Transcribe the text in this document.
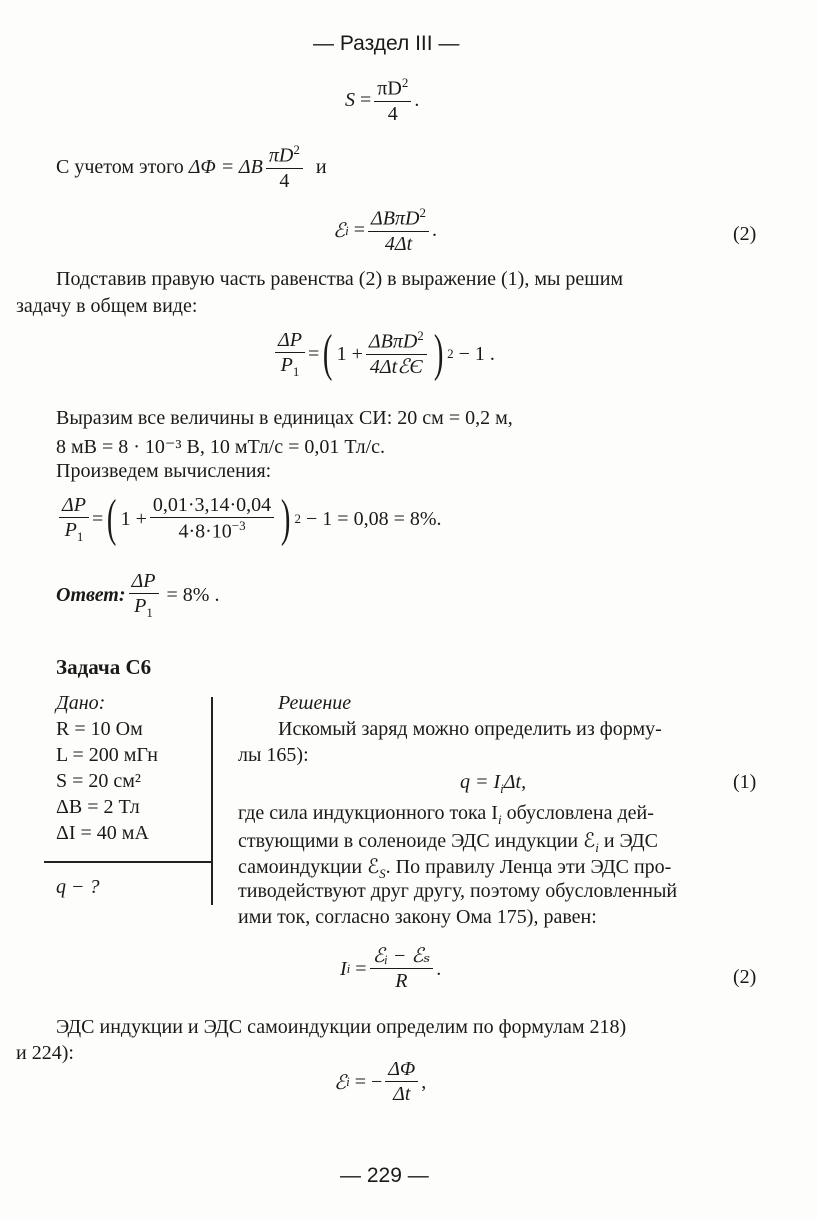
— Раздел III —
$S = \frac{\pi D^2}{4}$ .
С учетом этого
ΔΦ = ΔB $\frac{\pi D^2}{4}$
и
ℰ $i = \frac{\Delta B\pi D^2}{4\Delta t}$ .	(2)
Подставив правую часть равенства (2) в выражение (1), мы решим
задачу в общем виде:
$\frac{\Delta P}{P_1}$ = ( $1 + \frac{\Delta B\pi D^2}{\text{4ΔtℰЄ}}$ ) 2
− 1 .
Выразим все величины в единицах СИ: 20 см = 0,2 м,
8 мВ = 8 · 10⁻³ В, 10 мТл/с = 0,01 Тл/с.
Произведем вычисления:
$\frac{\Delta P}{P_1}$ = ( $1 + \frac{0,01\cdot 3,14\cdot 0,04}{4\cdot 8\cdot 10^{-3}}$ ) 2
− 1 = 0,08 = 8%.
Ответ: $\frac{\Delta P}{P_1}$
= 8% .
Задача С6
Дано:
R = 10 Ом
L = 200 мГн
S = 20 см²
ΔB = 2 Тл
ΔI = 40 мА
q − ?
Решение
Искомый заряд можно определить из форму-
лы 165):
$q = I_i\Delta t$,	(1)
где сила индукционного тока $I_i$ обусловлена дей-
ствующими в соленоиде ЭДС индукции ℰ$_i$ и ЭДС
самоиндукции ℰ$_S$. По правилу Ленца эти ЭДС про-
тиводействуют друг другу, поэтому обусловленный
ими ток, согласно закону Ома 175), равен:
I $i = \frac{\text{ℰᵢ − ℰₛ}}{R}$ .	(2)
ЭДС индукции и ЭДС самоиндукции определим по формулам 218)
и 224):
ℰ i
= − $\frac{\Delta\Phi}{\Delta t}$ ,
— 229 —
